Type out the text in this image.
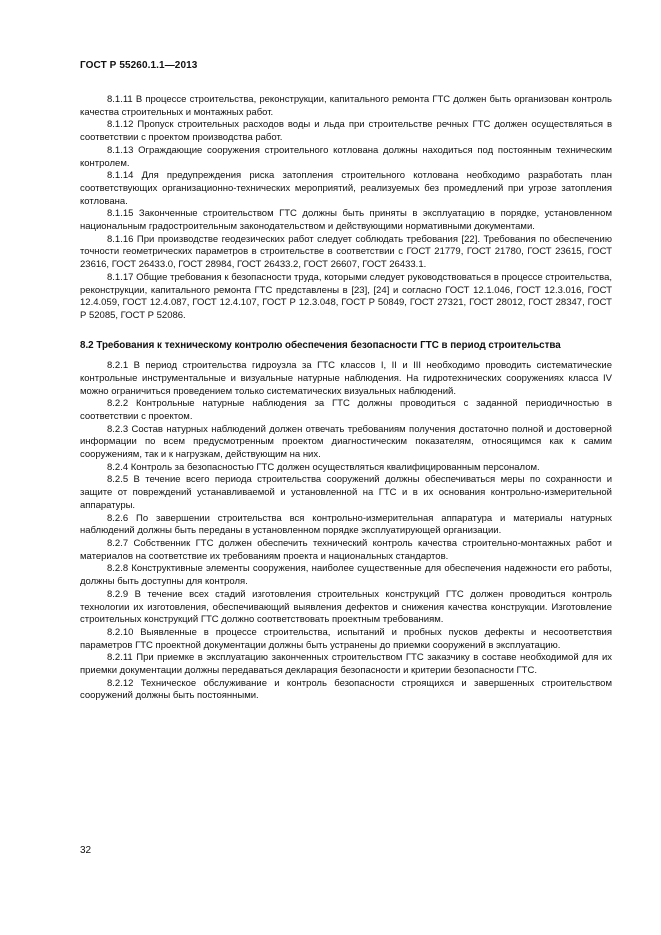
ГОСТ Р 55260.1.1—2013

8.1.11 В процессе строительства, реконструкции, капитального ремонта ГТС должен быть организован контроль качества строительных и монтажных работ.

8.1.12 Пропуск строительных расходов воды и льда при строительстве речных ГТС должен осуществляться в соответствии с проектом производства работ.

8.1.13 Ограждающие сооружения строительного котлована должны находиться под постоянным техническим контролем.

8.1.14 Для предупреждения риска затопления строительного котлована необходимо разработать план соответствующих организационно-технических мероприятий, реализуемых без промедлений при угрозе затопления котлована.

8.1.15 Законченные строительством ГТС должны быть приняты в эксплуатацию в порядке, установленном национальным градостроительным законодательством и действующими нормативными документами.

8.1.16 При производстве геодезических работ следует соблюдать требования [22]. Требования по обеспечению точности геометрических параметров в строительстве в соответствии с ГОСТ 21779, ГОСТ 21780, ГОСТ 23615, ГОСТ 23616, ГОСТ 26433.0, ГОСТ 28984, ГОСТ 26433.2, ГОСТ 26607, ГОСТ 26433.1.

8.1.17 Общие требования к безопасности труда, которыми следует руководствоваться в процессе строительства, реконструкции, капитального ремонта ГТС представлены в [23], [24] и согласно ГОСТ 12.1.046, ГОСТ 12.3.016, ГОСТ 12.4.059, ГОСТ 12.4.087, ГОСТ 12.4.107, ГОСТ Р 12.3.048, ГОСТ Р 50849, ГОСТ 27321, ГОСТ 28012, ГОСТ 28347, ГОСТ Р 52085, ГОСТ Р 52086.

8.2 Требования к техническому контролю обеспечения безопасности ГТС в период строительства

8.2.1 В период строительства гидроузла за ГТС классов I, II и III необходимо проводить систематические контрольные инструментальные и визуальные натурные наблюдения. На гидротехнических сооружениях класса IV можно ограничиться проведением только систематических визуальных наблюдений.

8.2.2 Контрольные натурные наблюдения за ГТС должны проводиться с заданной периодичностью в соответствии с проектом.

8.2.3 Состав натурных наблюдений должен отвечать требованиям получения достаточно полной и достоверной информации по всем предусмотренным проектом диагностическим показателям, относящимся как к самим сооружениям, так и к нагрузкам, действующим на них.

8.2.4 Контроль за безопасностью ГТС должен осуществляться квалифицированным персоналом.

8.2.5 В течение всего периода строительства сооружений должны обеспечиваться меры по сохранности и защите от повреждений устанавливаемой и установленной на ГТС и в их основания контрольно-измерительной аппаратуры.

8.2.6 По завершении строительства вся контрольно-измерительная аппаратура и материалы натурных наблюдений должны быть переданы в установленном порядке эксплуатирующей организации.

8.2.7 Собственник ГТС должен обеспечить технический контроль качества строительно-монтажных работ и материалов на соответствие их требованиям проекта и национальных стандартов.

8.2.8 Конструктивные элементы сооружения, наиболее существенные для обеспечения надежности его работы, должны быть доступны для контроля.

8.2.9 В течение всех стадий изготовления строительных конструкций ГТС должен проводиться контроль технологии их изготовления, обеспечивающий выявления дефектов и снижения качества конструкции. Изготовление строительных конструкций ГТС должно соответствовать проектным требованиям.

8.2.10 Выявленные в процессе строительства, испытаний и пробных пусков дефекты и несоответствия параметров ГТС проектной документации должны быть устранены до приемки сооружений в эксплуатацию.

8.2.11 При приемке в эксплуатацию законченных строительством ГТС заказчику в составе необходимой для их приемки документации должны передаваться декларация безопасности и критерии безопасности ГТС.

8.2.12 Техническое обслуживание и контроль безопасности строящихся и завершенных строительством сооружений должны быть постоянными.

32
